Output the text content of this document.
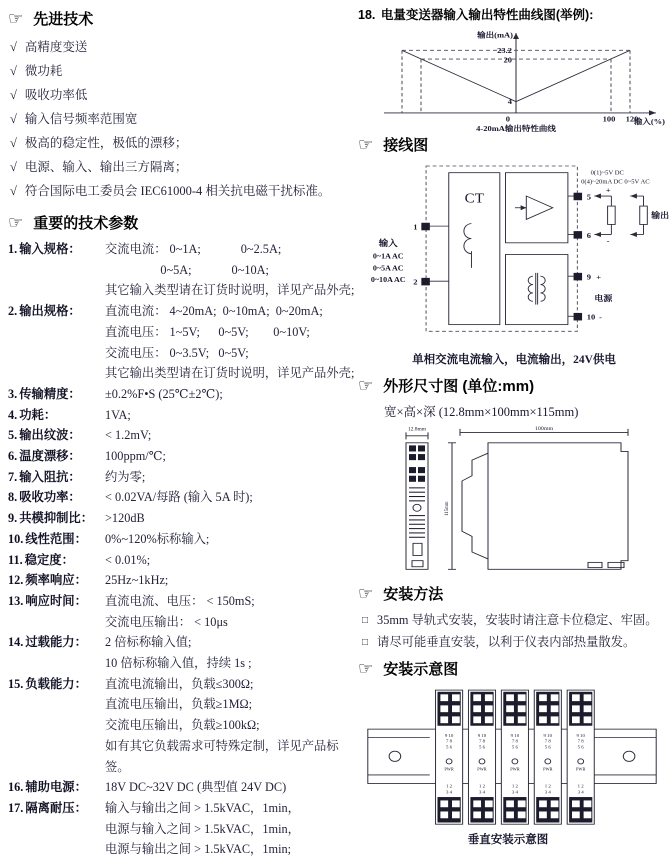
☞ 先进技术
√ 高精度变送
√ 微功耗
√ 吸收功率低
√ 输入信号频率范围宽
√ 极高的稳定性，极低的漂移；
√ 电源、输入、输出三方隔离；
√ 符合国际电工委员会 IEC61000-4 相关抗电磁干扰标准。
☞ 重要的技术参数
1. 输入规格：	交流电流： 0~1A;             0~2.5A;
0~5A;             0~10A;
其它输入类型请在订货时说明，详见产品外壳;
2. 输出规格：	直流电流： 4~20mA;  0~10mA;  0~20mA;
直流电压： 1~5V;      0~5V;        0~10V;
交流电压： 0~3.5V;   0~5V;
其它输出类型请在订货时说明，详见产品外壳;
3. 传输精度：	±0.2%F•S (25℃±2℃);
4. 功耗：	1VA;
5. 输出纹波：	< 1.2mV;
6. 温度漂移：	100ppm/℃;
7. 输入阻抗：	约为零;
8. 吸收功率：	< 0.02VA/每路 (输入 5A 时);
9. 共模抑制比： >120dB
10. 线性范围：	0%~120%标称输入;
11. 稳定度：	< 0.01%;
12. 频率响应：	25Hz~1kHz;
13. 响应时间：	直流电流、电压： < 150mS;
交流电压输出： < 10μs
14. 过载能力：	2 倍标称输入值;
10 倍标称输入值，持续 1s ;
15. 负载能力：	直流电流输出，负载≤300Ω;
直流电压输出，负载≥1MΩ;
交流电压输出，负载≥100kΩ;
如有其它负载需求可特殊定制，详见产品标签。
16. 辅助电源：	18V DC~32V DC (典型值 24V DC)
17. 隔离耐压：	输入与输出之间 > 1.5kVAC，1min，
电源与输入之间 > 1.5kVAC，1min，
电源与输出之间 > 1.5kVAC，1min;
18. 电量变送器输入输出特性曲线图(举例):
输出(mA)
23.2
20
4
0	100 120
输入(%)
4-20mA输出特性曲线
☞ 接线图
CT
1
2
输入
0~1A AC
0~5A AC
0~10A AC
0(1)~5V DC
0(4)~20mA DC 0~5V AC
5
6
9 +
10 -
+
-
输出
电源
单相交流电流输入，电流输出，24V供电
☞ 外形尺寸图 (单位:mm)
宽×高×深 (12.8mm×100mm×115mm)
12.8mm	100mm
115mm
☞ 安装方法
□ 35mm 导轨式安装，安装时请注意卡位稳定、牢固。
□ 请尽可能垂直安装，以利于仪表内部热量散发。
☞ 安装示意图
9 10
7 8
5 6
PWR
1 2
3 4
9 10
7 8
5 6
PWR
1 2
3 4
9 10
7 8
5 6
PWR
1 2
3 4
9 10
7 8
5 6
PWR
1 2
3 4
9 10
7 8
5 6
PWR
1 2
3 4
垂直安装示意图
